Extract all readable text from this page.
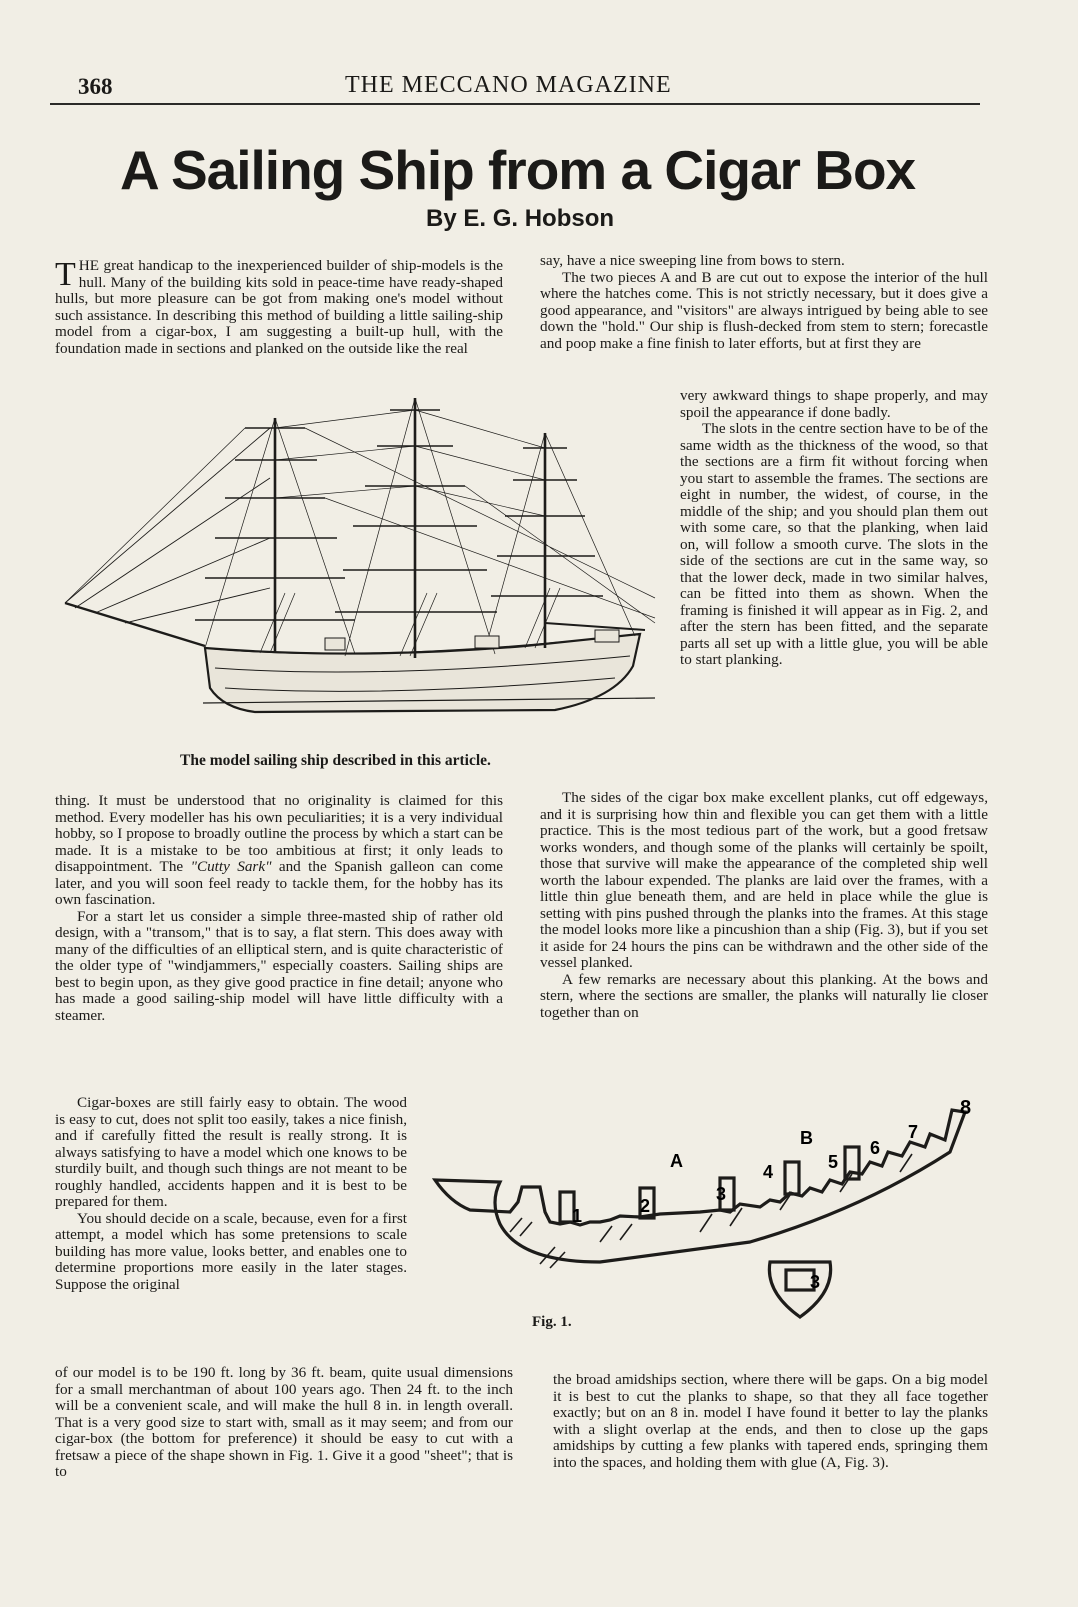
368	THE MECCANO MAGAZINE
A Sailing Ship from a Cigar Box
By E. G. Hobson

THE great handicap to the inexperienced builder of ship-models is the hull. Many of the building kits sold in peace-time have ready-shaped hulls, but more pleasure can be got from making one's model without such assistance. In describing this method of building a little sailing-ship model from a cigar-box, I am suggesting a built-up hull, with the foundation made in sections and planked on the outside like the real

The model sailing ship described in this article.

thing. It must be understood that no originality is claimed for this method. Every modeller has his own peculiarities; it is a very individual hobby, so I propose to broadly outline the process by which a start can be made. It is a mistake to be too ambitious at first; it only leads to disappointment. The "Cutty Sark" and the Spanish galleon can come later, and you will soon feel ready to tackle them, for the hobby has its own fascination.

For a start let us consider a simple three-masted ship of rather old design, with a "transom," that is to say, a flat stern. This does away with many of the difficulties of an elliptical stern, and is quite characteristic of the older type of "windjammers," especially coasters. Sailing ships are best to begin upon, as they give good practice in fine detail; anyone who has made a good sailing-ship model will have little difficulty with a steamer.

Cigar-boxes are still fairly easy to obtain. The wood is easy to cut, does not split too easily, takes a nice finish, and if carefully fitted the result is really strong. It is always satisfying to have a model which one knows to be sturdily built, and though such things are not meant to be roughly handled, accidents happen and it is best to be prepared for them.

You should decide on a scale, because, even for a first attempt, a model which has some pretensions to scale building has more value, looks better, and enables one to determine proportions more easily in the later stages. Suppose the original

of our model is to be 190 ft. long by 36 ft. beam, quite usual dimensions for a small merchantman of about 100 years ago. Then 24 ft. to the inch will be a convenient scale, and will make the hull 8 in. in length overall. That is a very good size to start with, small as it may seem; and from our cigar-box (the bottom for preference) it should be easy to cut with a fretsaw a piece of the shape shown in Fig. 1. Give it a good "sheet"; that is to

say, have a nice sweeping line from bows to stern.

The two pieces A and B are cut out to expose the interior of the hull where the hatches come. This is not strictly necessary, but it does give a good appearance, and "visitors" are always intrigued by being able to see down the "hold." Our ship is flush-decked from stem to stern; forecastle and poop make a fine finish to later efforts, but at first they are

very awkward things to shape properly, and may spoil the appearance if done badly.

The slots in the centre section have to be of the same width as the thickness of the wood, so that the sections are a firm fit without forcing when you start to assemble the frames. The sections are eight in number, the widest, of course, in the middle of the ship; and you should plan them out with some care, so that the planking, when laid on, will follow a smooth curve. The slots in the side of the sections are cut in the same way, so that the lower deck, made in two similar halves, can be fitted into them as shown. When the framing is finished it will appear as in Fig. 2, and after the stern has been fitted, and the separate parts all set up with a little glue, you will be able to start planking.

The sides of the cigar box make excellent planks, cut off edgeways, and it is surprising how thin and flexible you can get them with a little practice. This is the most tedious part of the work, but a good fretsaw works wonders, and though some of the planks will certainly be spoilt, those that survive will make the appearance of the completed ship well worth the labour expended. The planks are laid over the frames, with a little thin glue beneath them, and are held in place while the glue is setting with pins pushed through the planks into the frames. At this stage the model looks more like a pincushion than a ship (Fig. 3), but if you set it aside for 24 hours the pins can be withdrawn and the other side of the vessel planked.

A few remarks are necessary about this planking. At the bows and stern, where the sections are smaller, the planks will naturally lie closer together than on

A
B
1	2
3
4	5
6
7
8
3
Fig. 1.

the broad amidships section, where there will be gaps. On a big model it is best to cut the planks to shape, so that they all face together exactly; but on an 8 in. model I have found it better to lay the planks with a slight overlap at the ends, and then to close up the gaps amidships by cutting a few planks with tapered ends, springing them into the spaces, and holding them with glue (A, Fig. 3).
